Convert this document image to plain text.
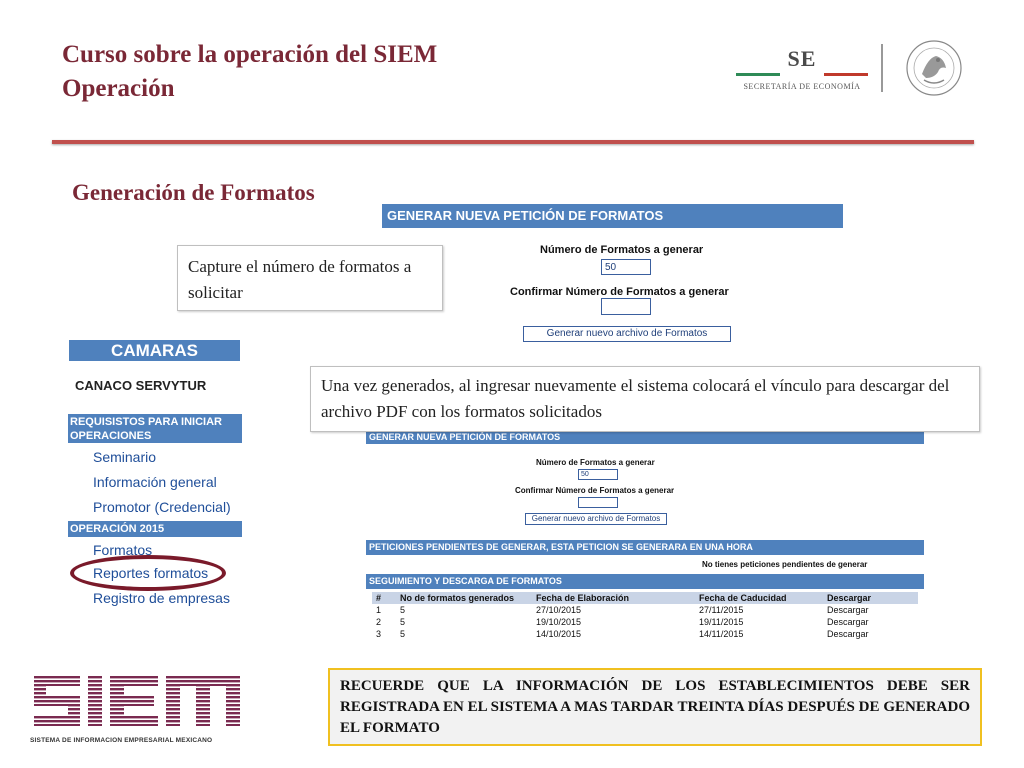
Curso sobre la operación del SIEM
Operación
SE
SECRETARÍA DE ECONOMÍA
Generación de Formatos
GENERAR NUEVA PETICIÓN DE FORMATOS
Número de Formatos a generar
50
Confirmar Número de Formatos a generar
Generar nuevo archivo de Formatos
Capture el número de formatos a solicitar
CAMARAS
CANACO SERVYTUR
REQUISISTOS PARA INICIAR OPERACIONES
Seminario
Información general
Promotor (Credencial)
OPERACIÓN 2015
Formatos
Reportes formatos
Registro de empresas
GENERAR NUEVA PETICIÓN DE FORMATOS
Número de Formatos a generar
50
Confirmar Número de Formatos a generar
Generar nuevo archivo de Formatos
PETICIONES PENDIENTES DE GENERAR, ESTA PETICION SE GENERARA EN UNA HORA
No tienes peticiones pendientes de generar
SEGUIMIENTO Y DESCARGA DE FORMATOS
#	No de formatos generados	Fecha de Elaboración	Fecha de Caducidad	Descargar
1	5	27/10/2015	27/11/2015	Descargar
2	5	19/10/2015	19/11/2015	Descargar
3	5	14/10/2015	14/11/2015	Descargar
Una vez generados, al ingresar nuevamente el sistema colocará el vínculo para descargar del archivo PDF con los formatos solicitados
SISTEMA DE INFORMACION EMPRESARIAL MEXICANO
RECUERDE QUE LA INFORMACIÓN DE LOS ESTABLECIMIENTOS DEBE SER REGISTRADA EN EL SISTEMA A MAS TARDAR TREINTA DÍAS DESPUÉS DE GENERADO EL FORMATO
